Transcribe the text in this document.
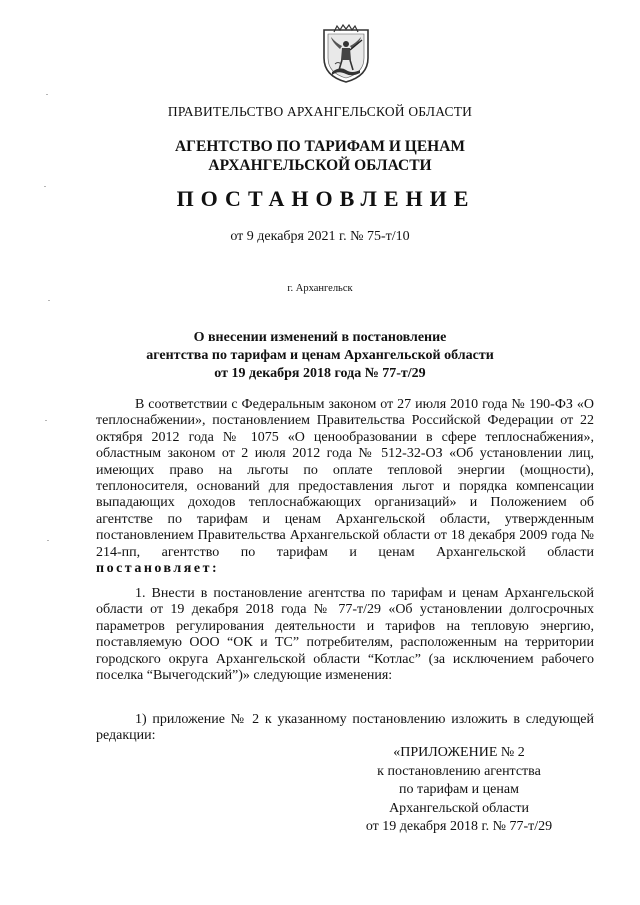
ПРАВИТЕЛЬСТВО АРХАНГЕЛЬСКОЙ ОБЛАСТИ
АГЕНТСТВО ПО ТАРИФАМ И ЦЕНАМ
АРХАНГЕЛЬСКОЙ ОБЛАСТИ
ПОСТАНОВЛЕНИЕ
от 9 декабря 2021 г. № 75-т/10
г. Архангельск
О внесении изменений в постановление
агентства по тарифам и ценам Архангельской области
от 19 декабря 2018 года № 77-т/29
В соответствии с Федеральным законом от 27 июля 2010 года № 190-ФЗ «О теплоснабжении», постановлением Правительства Российской Федерации от 22 октября 2012 года № 1075 «О ценообразовании в сфере теплоснабжения», областным законом от 2 июля 2012 года № 512-32-ОЗ «Об установлении лиц, имеющих право на льготы по оплате тепловой энергии (мощности), теплоносителя, оснований для предоставления льгот и порядка компенсации выпадающих доходов теплоснабжающих организаций» и Положением об агентстве по тарифам и ценам Архангельской области, утвержденным постановлением Правительства Архангельской области от 18 декабря 2009 года № 214-пп, агентство по тарифам и ценам Архангельской области постановляет:
1. Внести в постановление агентства по тарифам и ценам Архангельской области от 19 декабря 2018 года № 77-т/29 «Об установлении долгосрочных параметров регулирования деятельности и тарифов на тепловую энергию, поставляемую ООО “ОК и ТС” потребителям, расположенным на территории городского округа Архангельской области “Котлас” (за исключением рабочего поселка “Вычегодский”)» следующие изменения:
1) приложение № 2 к указанному постановлению изложить в следующей редакции:
«ПРИЛОЖЕНИЕ № 2
к постановлению агентства
по тарифам и ценам
Архангельской области
от 19 декабря 2018 г. № 77-т/29
